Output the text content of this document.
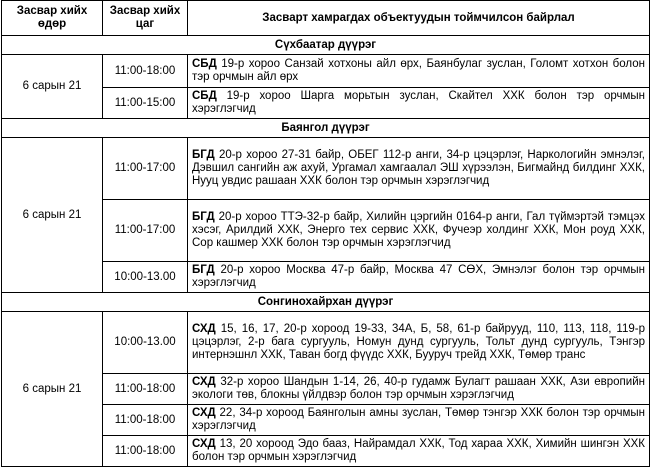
Засвар хийх өдөр	Засвар хийх цаг	Засварт хамрагдах объектуудын тоймчилсон байрлал
Сүхбаатар дүүрэг		
6 сарын 21	11:00-18:00	СБД 19-р хороо Санзай хотхоны айл өрх, Баянбулаг зуслан, Голомт хотхон болон тэр орчмын айл өрх
	11:00-15:00	СБД 19-р хороо Шарга морьтын зуслан, Скайтел ХХК болон тэр орчмын хэрэглэгчид
Баянгол дүүрэг		
6 сарын 21	11:00-17:00	БГД 20-р хороо 27-31 байр, ОБЕГ 112-р анги, 34-р цэцэрлэг, Наркологийн эмнэлэг, Дэвшил сангийн аж ахуй, Ургамал хамгаалал ЭШ хүрээлэн, Бигмайнд билдинг ХХК, Нууц увдис рашаан ХХК болон тэр орчмын хэрэглэгчид
	11:00-17:00	БГД 20-р хороо ТТЭ-32-р байр, Хилийн цэргийн 0164-р анги, Гал түймэртэй тэмцэх хэсэг, Арилдий ХХК, Энерго тех сервис ХХК, Фучеэр холдинг ХХК, Мон роуд ХХК, Сор кашмер ХХК болон тэр орчмын хэрэглэгчид
	10:00-13.00	БГД 20-р хороо Москва 47-р байр, Москва 47 СӨХ, Эмнэлэг болон тэр орчмын хэрэглэгчид
Сонгинохайрхан дүүрэг		
6 сарын 21	10:00-13.00	СХД 15, 16, 17, 20-р хороод 19-33, 34А, Б, 58, 61-р байрууд, 110, 113, 118, 119-р цэцэрлэг, 2-р бага сургууль, Номун дунд сургууль, Тольт дунд сургууль, Тэнгэр интернэшнл ХХК, Таван богд фүүдс ХХК, Бууруч трейд ХХК, Төмөр транс
	11:00-18:00	СХД 32-р хороо Шандын 1-14, 26, 40-р гудамж Булагт рашаан ХХК, Ази европийн экологи төв, блокны үйлдвэр болон тэр орчмын хэрэглэгчид
	11:00-18:00	СХД 22, 34-р хороод Баянголын амны зуслан, Төмөр тэнгэр ХХК болон тэр орчмын хэрэглэгчид
	11:00-18:00	СХД 13, 20 хороод Эдо бааз, Найрамдал ХХК, Тод хараа ХХК, Химийн шингэн ХХК болон тэр орчмын хэрэглэгчид
